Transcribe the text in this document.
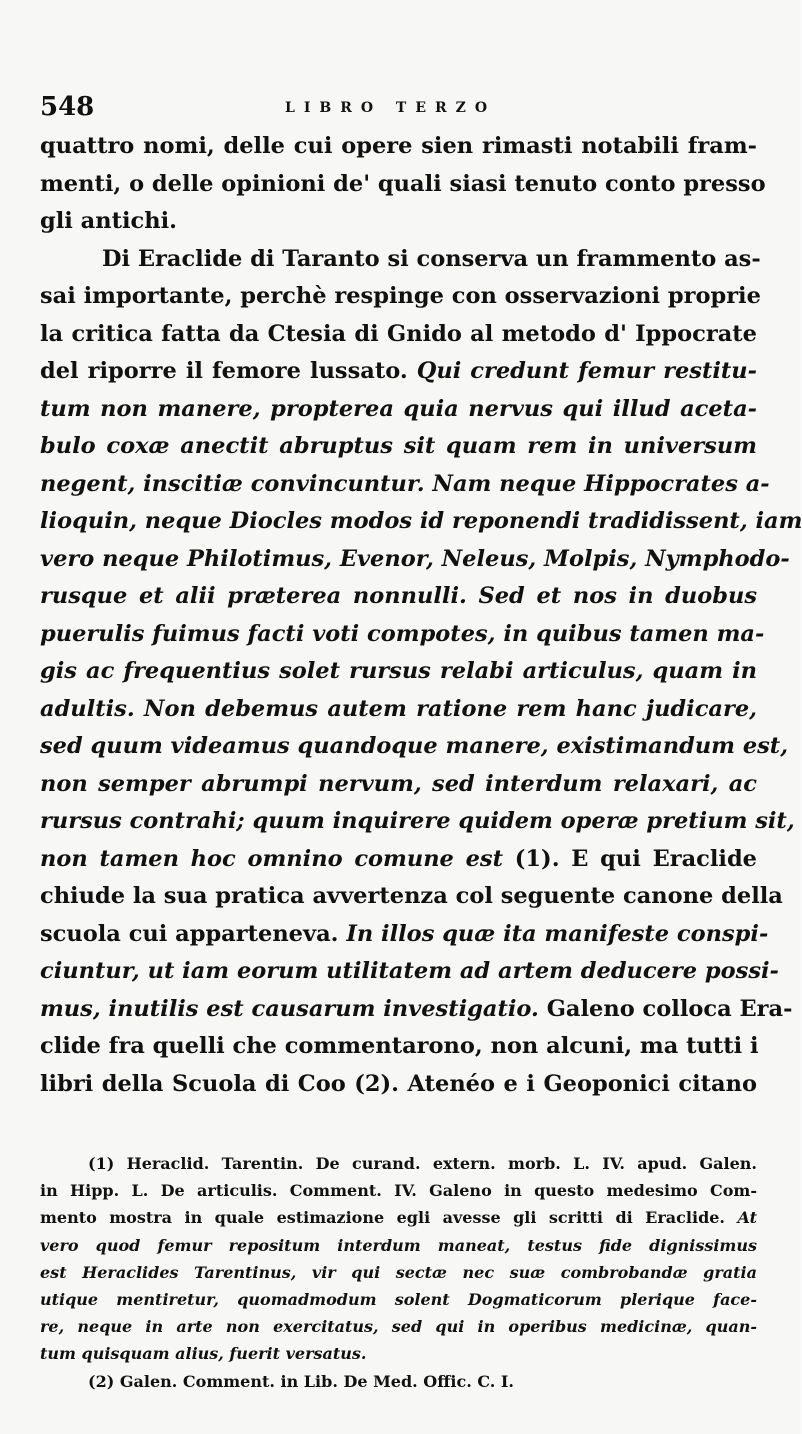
548	LIBRO TERZO
quattro nomi, delle cui opere sien rimasti notabili fram-
menti, o delle opinioni de' quali siasi tenuto conto presso
gli antichi.
Di Eraclide di Taranto si conserva un frammento as-
sai importante, perchè respinge con osservazioni proprie
la critica fatta da Ctesia di Gnido al metodo d' Ippocrate
del riporre il femore lussato. Qui credunt femur restitu-
tum non manere, propterea quia nervus qui illud aceta-
bulo coxæ anectit abruptus sit quam rem in universum
negent, inscitiæ convincuntur. Nam neque Hippocrates a-
lioquin, neque Diocles modos id reponendi tradidissent, iam
vero neque Philotimus, Evenor, Neleus, Molpis, Nymphodo-
rusque et alii præterea nonnulli. Sed et nos in duobus
puerulis fuimus facti voti compotes, in quibus tamen ma-
gis ac frequentius solet rursus relabi articulus, quam in
adultis. Non debemus autem ratione rem hanc judicare,
sed quum videamus quandoque manere, existimandum est,
non semper abrumpi nervum, sed interdum relaxari, ac
rursus contrahi; quum inquirere quidem operæ pretium sit,
non tamen hoc omnino comune est (1). E qui Eraclide
chiude la sua pratica avvertenza col seguente canone della
scuola cui apparteneva. In illos quæ ita manifeste conspi-
ciuntur, ut iam eorum utilitatem ad artem deducere possi-
mus, inutilis est causarum investigatio. Galeno colloca Era-
clide fra quelli che commentarono, non alcuni, ma tutti i
libri della Scuola di Coo (2). Atenéo e i Geoponici citano
(1) Heraclid. Tarentin. De curand. extern. morb. L. IV. apud. Galen.
in Hipp. L. De articulis. Comment. IV. Galeno in questo medesimo Com-
mento mostra in quale estimazione egli avesse gli scritti di Eraclide. At
vero quod femur repositum interdum maneat, testus fide dignissimus
est Heraclides Tarentinus, vir qui sectæ nec suæ combrobandæ gratia
utique mentiretur, quomadmodum solent Dogmaticorum plerique face-
re, neque in arte non exercitatus, sed qui in operibus medicinæ, quan-
tum quisquam alius, fuerit versatus.
(2) Galen. Comment. in Lib. De Med. Offic. C. I.
